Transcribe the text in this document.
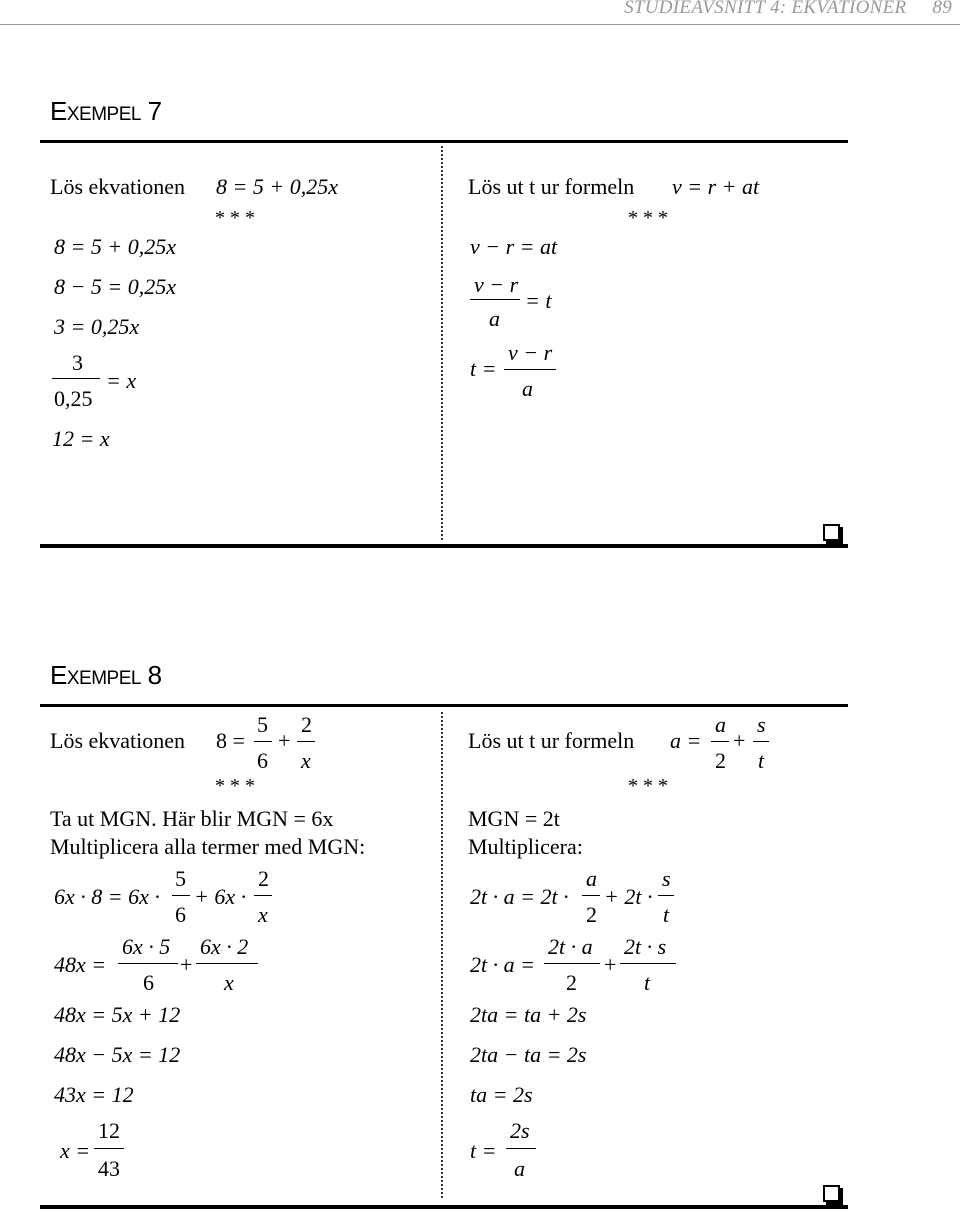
STUDIEAVSNITT 4: EKVATIONER 89
EXEMPEL 7
Lös ekvationen 8 = 5 + 0,25x
* * *
8 = 5 + 0,25x
8 − 5 = 0,25x
3 = 0,25x
3
0,25
= x
12 = x
Lös ut t ur formeln v = r + at
* * *
v − r = at
v − r
a
= t
t =
v − r
a
EXEMPEL 8
Lös ekvationen 8 =
5
6
+
2
x
* * *
Ta ut MGN. Här blir MGN = 6x
Multiplicera alla termer med MGN:
6x · 8 = 6x ·
5
6
+ 6x ·
2
x
48x =
6x · 5
6
+
6x · 2
x
48x = 5x + 12
48x − 5x = 12
43x = 12
x =
12
43
Lös ut t ur formeln a =
a
2
+
s
t
* * *
MGN = 2t
Multiplicera:
2t · a = 2t ·
a
2
+ 2t ·
s
t
2t · a =
2t · a
2
+
2t · s
t
2ta = ta + 2s
2ta − ta = 2s
ta = 2s
t =
2s
a
